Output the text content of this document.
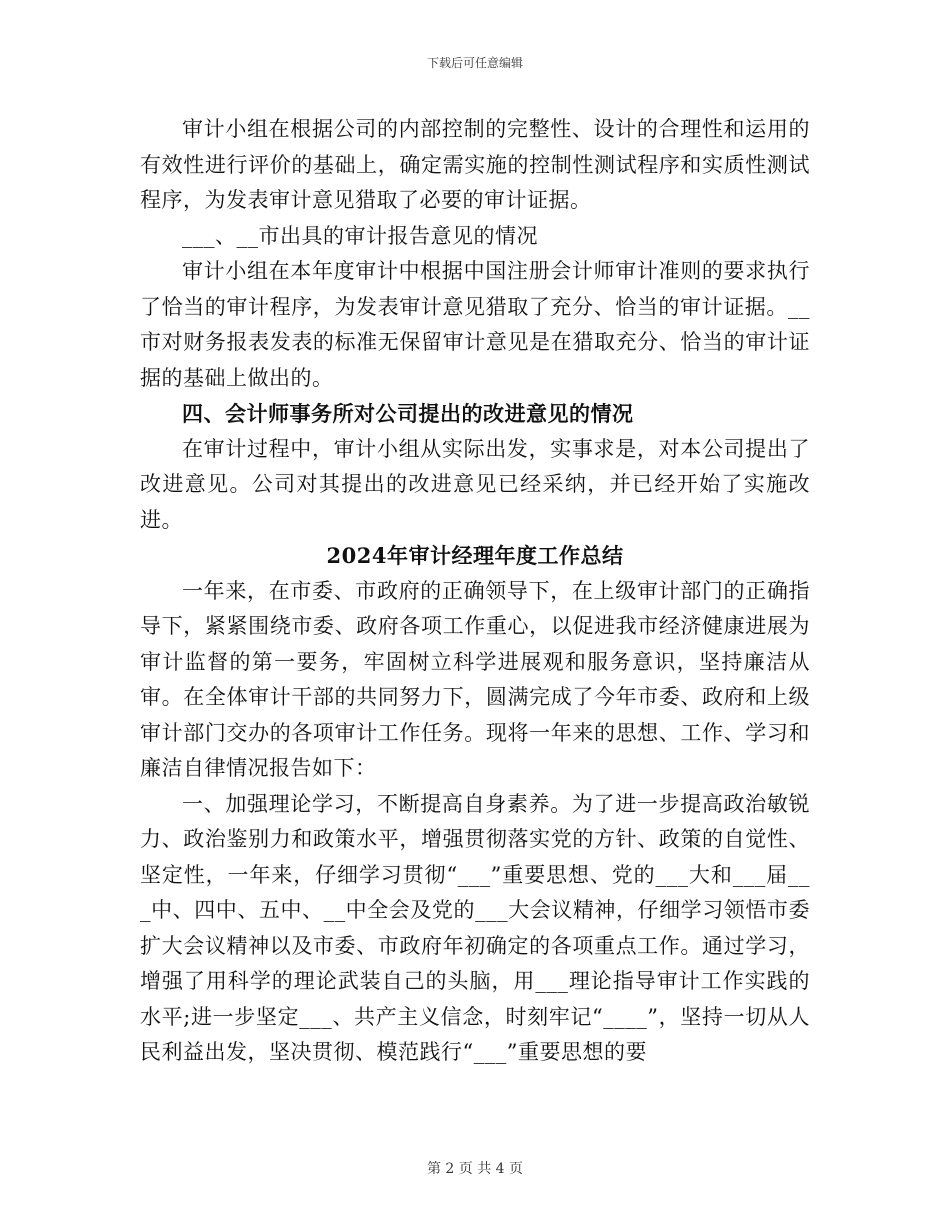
下载后可任意编辑

审计小组在根据公司的内部控制的完整性、设计的合理性和运用的有效性进行评价的基础上，确定需实施的控制性测试程序和实质性测试程序，为发表审计意见猎取了必要的审计证据。

___、__市出具的审计报告意见的情况

审计小组在本年度审计中根据中国注册会计师审计准则的要求执行了恰当的审计程序，为发表审计意见猎取了充分、恰当的审计证据。__市对财务报表发表的标准无保留审计意见是在猎取充分、恰当的审计证据的基础上做出的。

四、会计师事务所对公司提出的改进意见的情况

在审计过程中，审计小组从实际出发，实事求是，对本公司提出了改进意见。公司对其提出的改进意见已经采纳，并已经开始了实施改进。

2024年审计经理年度工作总结

一年来，在市委、市政府的正确领导下，在上级审计部门的正确指导下，紧紧围绕市委、政府各项工作重心，以促进我市经济健康进展为审计监督的第一要务，牢固树立科学进展观和服务意识，坚持廉洁从审。在全体审计干部的共同努力下，圆满完成了今年市委、政府和上级审计部门交办的各项审计工作任务。现将一年来的思想、工作、学习和廉洁自律情况报告如下：

一、加强理论学习，不断提高自身素养。为了进一步提高政治敏锐力、政治鉴别力和政策水平，增强贯彻落实党的方针、政策的自觉性、坚定性，一年来，仔细学习贯彻“___”重要思想、党的___大和___届___中、四中、五中、__中全会及党的___大会议精神，仔细学习领悟市委扩大会议精神以及市委、市政府年初确定的各项重点工作。通过学习，增强了用科学的理论武装自己的头脑，用___理论指导审计工作实践的水平;进一步坚定___、共产主义信念，时刻牢记“____”，坚持一切从人民利益出发，坚决贯彻、模范践行“___”重要思想的要

第 2 页 共 4 页
